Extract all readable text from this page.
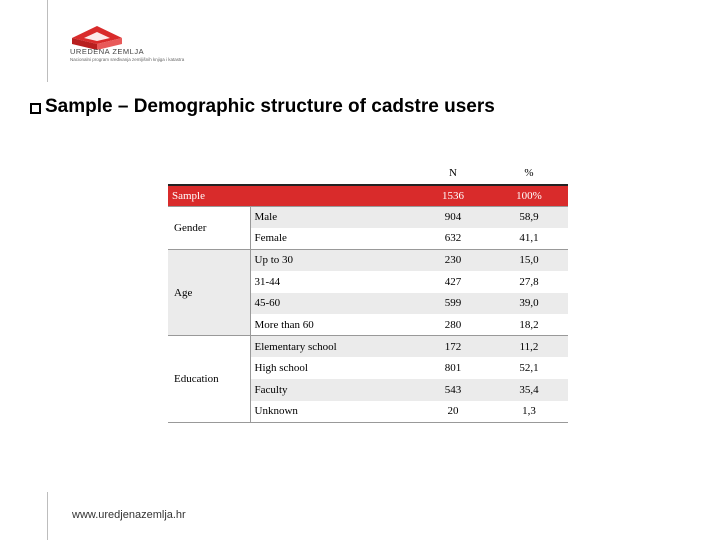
UREDENA ZEMLJA
Nacionalni program sređivanja zemljišnih knjiga i katastra
Sample – Demographic structure of cadstre users
		N	%
Sample		1536	100%
Gender	Male	904	58,9
	Female	632	41,1
Age	Up to 30	230	15,0
	31-44	427	27,8
	45-60	599	39,0
	More than 60	280	18,2
Education	Elementary school	172	11,2
	High school	801	52,1
	Faculty	543	35,4
	Unknown	20	1,3
www.uredjenazemlja.hr
